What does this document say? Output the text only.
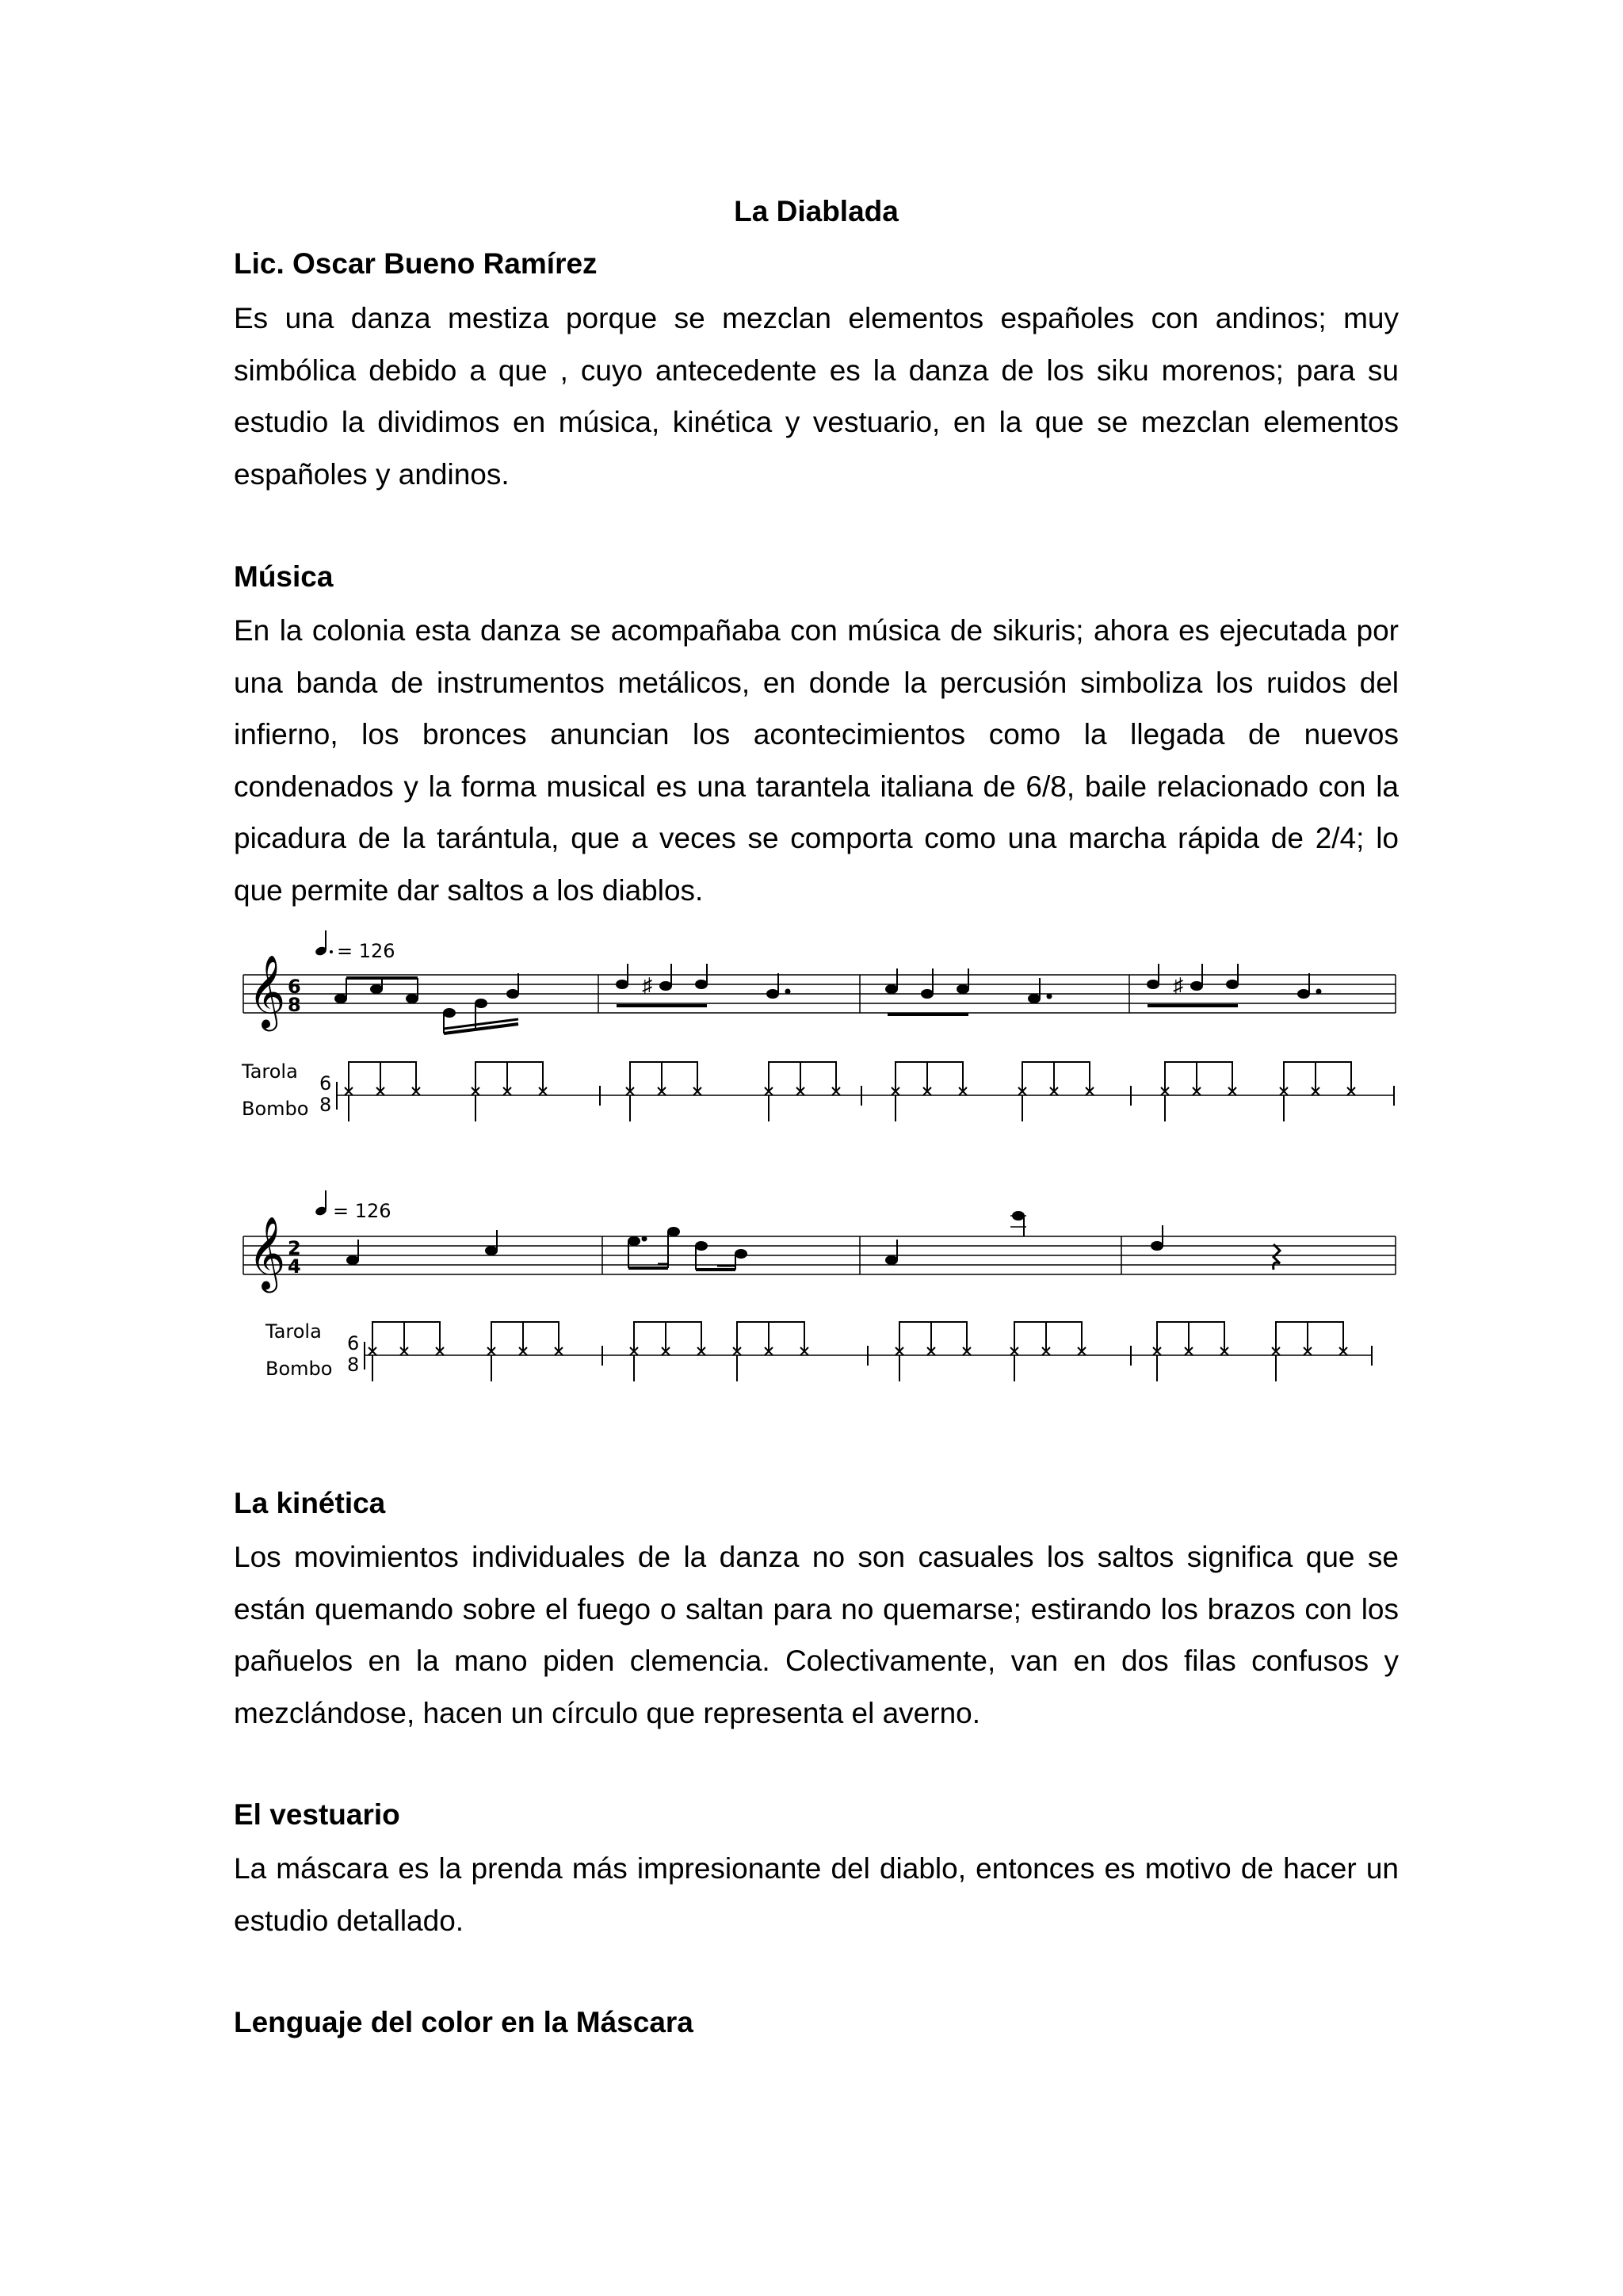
La Diablada
Lic. Oscar Bueno Ramírez

Es una danza mestiza porque se mezclan elementos españoles con andinos; muy simbólica debido a que , cuyo antecedente es la danza de los siku morenos; para su estudio la dividimos en música, kinética y vestuario, en la que se mezclan elementos españoles y andinos.

Música

En la colonia esta danza se acompañaba con música de sikuris; ahora es ejecutada por una banda de instrumentos metálicos, en donde la percusión simboliza los ruidos del infierno, los bronces anuncian los acontecimientos como la llegada de nuevos condenados y la forma musical es una tarantela italiana de 6/8, baile relacionado con la picadura de la tarántula, que a veces se comporta como una marcha rápida de 2/4; lo que permite dar saltos a los diablos.

= 126
𝄞 6
8
♯	♯
Tarola
Bombo
6
8
= 126
𝄞 2
4
Tarola
Bombo
6
8
La kinética

Los movimientos individuales de la danza no son casuales los saltos significa que se están quemando sobre el fuego o saltan para no quemarse; estirando los brazos con los pañuelos en la mano piden clemencia. Colectivamente, van en dos filas confusos y mezclándose, hacen un círculo que representa el averno.

El vestuario

La máscara es la prenda más impresionante del diablo, entonces es motivo de hacer un estudio detallado.

Lenguaje del color en la Máscara
